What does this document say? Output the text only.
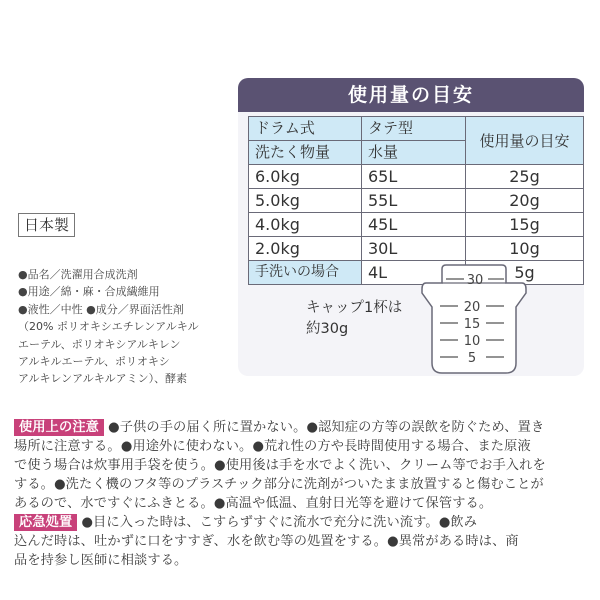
使用量の目安
ドラム式	タテ型	使用量の目安
洗たく物量	水量	
6.0kg	65L	25g
5.0kg	55L	20g
4.0kg	45L	15g
2.0kg	30L	10g
手洗いの場合	4L	5g
キャップ1杯は
約30g
30
20
15
10
5
日本製
●品名／洗濯用合成洗剤
●用途／綿・麻・合成繊維用
●液性／中性 ●成分／界面活性剤
（20% ポリオキシエチレンアルキル
エーテル、ポリオキシアルキレン
アルキルエーテル、ポリオキシ
アルキレンアルキルアミン）、酵素
使用上の注意 ●子供の手の届く所に置かない。●認知症の方等の誤飲を防ぐため、置き
場所に注意する。●用途外に使わない。●荒れ性の方や長時間使用する場合、また原液
で使う場合は炊事用手袋を使う。●使用後は手を水でよく洗い、クリーム等でお手入れを
する。●洗たく機のフタ等のプラスチック部分に洗剤がついたまま放置すると傷むことが
あるので、水ですぐにふきとる。●高温や低温、直射日光等を避けて保管する。
応急処置 ●目に入った時は、こすらずすぐに流水で充分に洗い流す。●飲み
込んだ時は、吐かずに口をすすぎ、水を飲む等の処置をする。●異常がある時は、商
品を持参し医師に相談する。
